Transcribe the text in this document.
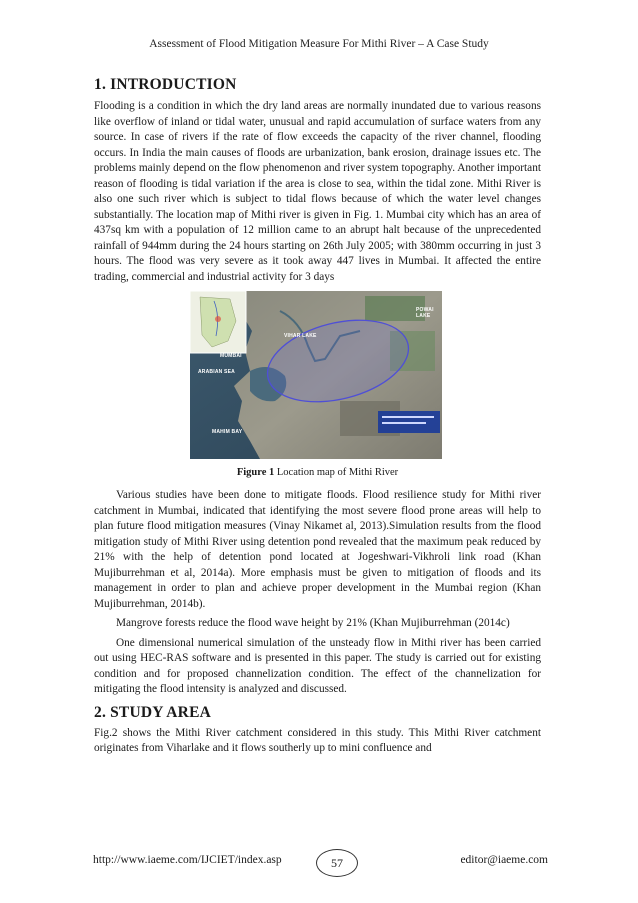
Assessment of Flood Mitigation Measure For Mithi River – A Case Study
1. INTRODUCTION

Flooding is a condition in which the dry land areas are normally inundated due to various reasons like overflow of inland or tidal water, unusual and rapid accumulation of surface waters from any source. In case of rivers if the rate of flow exceeds the capacity of the river channel, flooding occurs. In India the main causes of floods are urbanization, bank erosion, drainage issues etc. The problems mainly depend on the flow phenomenon and river system topography. Another important reason of flooding is tidal variation if the area is close to sea, within the tidal zone. Mithi River is also one such river which is subject to tidal flows because of which the water level changes substantially. The location map of Mithi river is given in Fig. 1. Mumbai city which has an area of 437sq km with a population of 12 million came to an abrupt halt because of the unprecedented rainfall of 944mm during the 24 hours starting on 26th July 2005; with 380mm occurring in just 3 hours. The flood was very severe as it took away 447 lives in Mumbai. It affected the entire trading, commercial and industrial activity for 3 days

MUMBAI
ARABIAN SEA
MAHIM BAY
POWAI LAKE
VIHAR LAKE
Figure 1 Location map of Mithi River

Various studies have been done to mitigate floods. Flood resilience study for Mithi river catchment in Mumbai, indicated that identifying the most severe flood prone areas will help to plan future flood mitigation measures (Vinay Nikamet al, 2013).Simulation results from the flood mitigation study of Mithi River using detention pond revealed that the maximum peak reduced by 21% with the help of detention pond located at Jogeshwari-Vikhroli link road (Khan Mujiburrehman et al, 2014a). More emphasis must be given to mitigation of floods and its management in order to plan and achieve proper development in the Mumbai region (Khan Mujiburrehman, 2014b).

Mangrove forests reduce the flood wave height by 21% (Khan Mujiburrehman (2014c)

One dimensional numerical simulation of the unsteady flow in Mithi river has been carried out using HEC-RAS software and is presented in this paper. The study is carried out for existing condition and for proposed channelization condition. The effect of the channelization for mitigating the flood intensity is analyzed and discussed.

2. STUDY AREA

Fig.2 shows the Mithi River catchment considered in this study. This Mithi River catchment originates from Viharlake and it flows southerly up to mini confluence and

http://www.iaeme.com/IJCIET/index.asp	57	editor@iaeme.com
